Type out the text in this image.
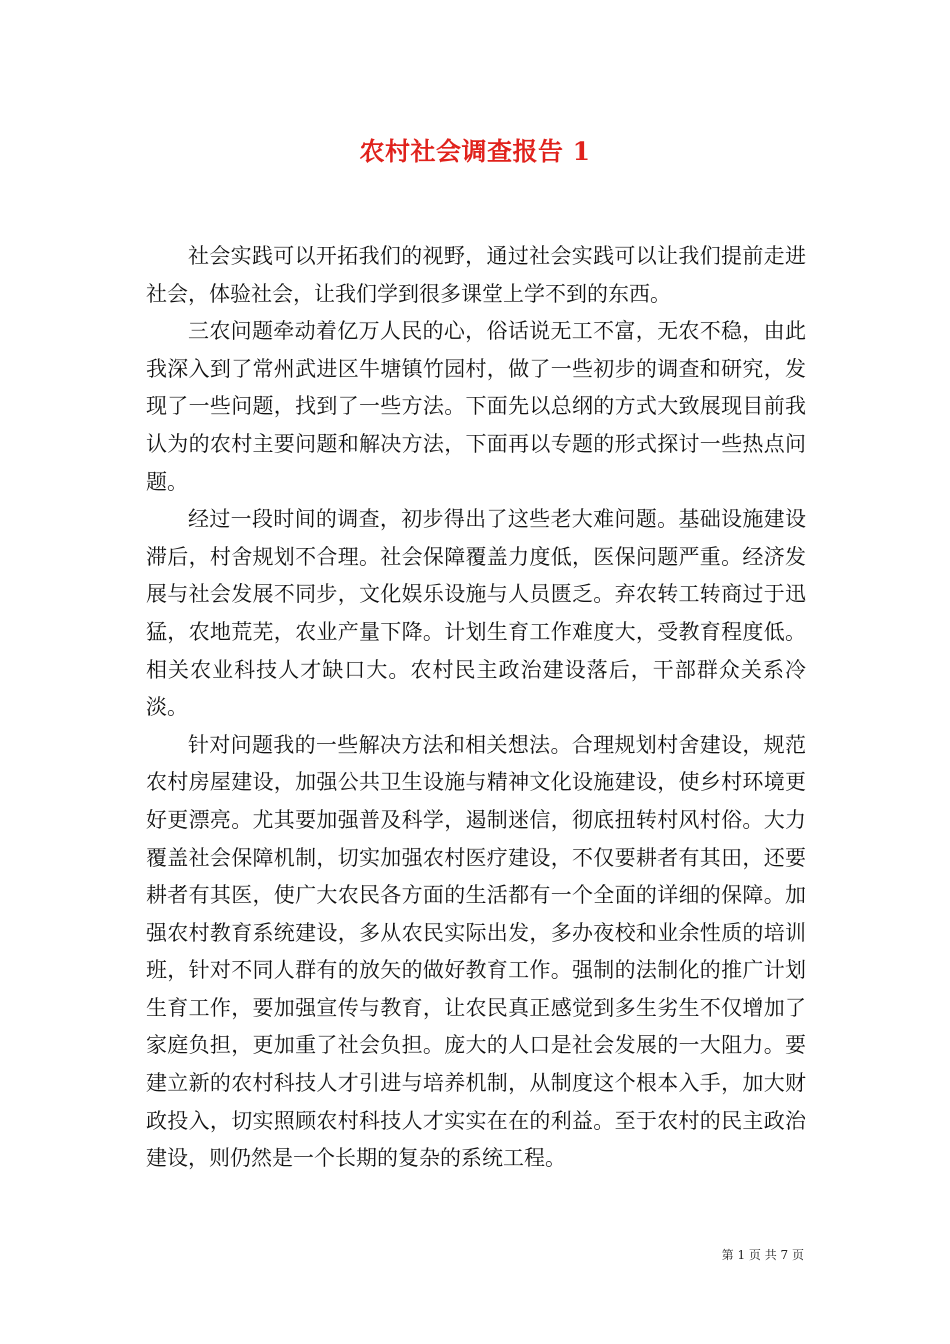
农村社会调查报告 1

社会实践可以开拓我们的视野，通过社会实践可以让我们提前走进社会，体验社会，让我们学到很多课堂上学不到的东西。

三农问题牵动着亿万人民的心，俗话说无工不富，无农不稳，由此我深入到了常州武进区牛塘镇竹园村，做了一些初步的调查和研究，发现了一些问题，找到了一些方法。下面先以总纲的方式大致展现目前我认为的农村主要问题和解决方法，下面再以专题的形式探讨一些热点问题。

经过一段时间的调查，初步得出了这些老大难问题。基础设施建设滞后，村舍规划不合理。社会保障覆盖力度低，医保问题严重。经济发展与社会发展不同步，文化娱乐设施与人员匮乏。弃农转工转商过于迅猛，农地荒芜，农业产量下降。计划生育工作难度大，受教育程度低。相关农业科技人才缺口大。农村民主政治建设落后，干部群众关系冷淡。

针对问题我的一些解决方法和相关想法。合理规划村舍建设，规范农村房屋建设，加强公共卫生设施与精神文化设施建设，使乡村环境更好更漂亮。尤其要加强普及科学，遏制迷信，彻底扭转村风村俗。大力覆盖社会保障机制，切实加强农村医疗建设，不仅要耕者有其田，还要耕者有其医，使广大农民各方面的生活都有一个全面的详细的保障。加强农村教育系统建设，多从农民实际出发，多办夜校和业余性质的培训班，针对不同人群有的放矢的做好教育工作。强制的法制化的推广计划生育工作，要加强宣传与教育，让农民真正感觉到多生劣生不仅增加了家庭负担，更加重了社会负担。庞大的人口是社会发展的一大阻力。要建立新的农村科技人才引进与培养机制，从制度这个根本入手，加大财政投入，切实照顾农村科技人才实实在在的利益。至于农村的民主政治建设，则仍然是一个长期的复杂的系统工程。

第 1 页 共 7 页
